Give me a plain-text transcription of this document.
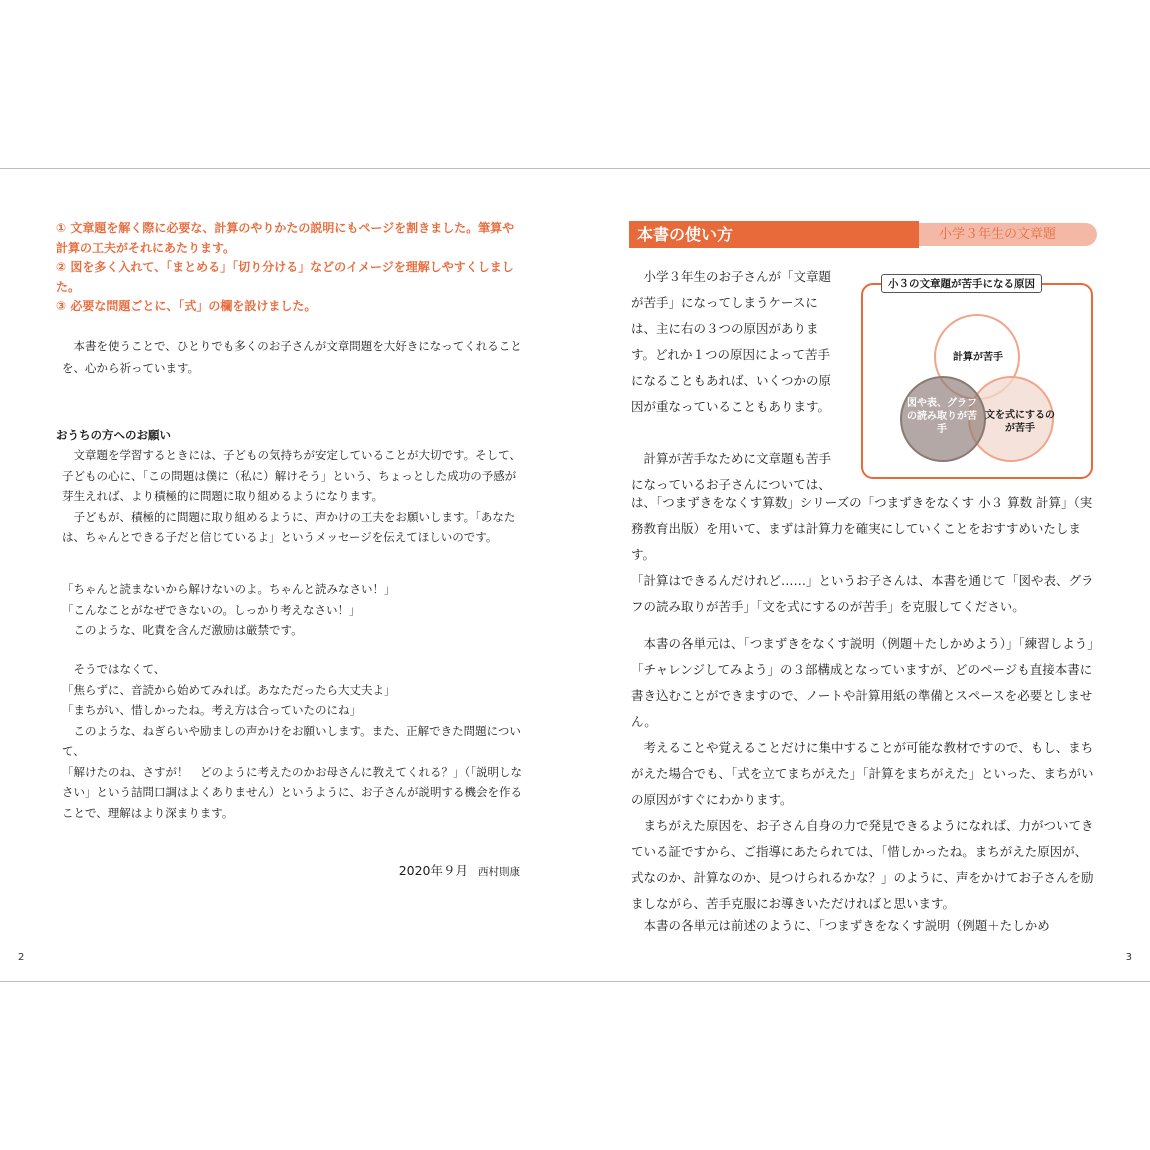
① 文章題を解く際に必要な、計算のやりかたの説明にもページを割きました。筆算や計算の工夫がそれにあたります。
② 図を多く入れて、「まとめる」「切り分ける」などのイメージを理解しやすくしました。
③ 必要な問題ごとに、「式」の欄を設けました。

本書を使うことで、ひとりでも多くのお子さんが文章問題を大好きになってくれることを、心から祈っています。

おうちの方へのお願い

文章題を学習するときには、子どもの気持ちが安定していることが大切です。そして、子どもの心に、「この問題は僕に（私に）解けそう」という、ちょっとした成功の予感が芽生えれば、より積極的に問題に取り組めるようになります。
子どもが、積極的に問題に取り組めるように、声かけの工夫をお願いします。「あなたは、ちゃんとできる子だと信じているよ」というメッセージを伝えてほしいのです。
「ちゃんと読まないから解けないのよ。ちゃんと読みなさい！」
「こんなことがなぜできないの。しっかり考えなさい！」
　このような、叱責を含んだ激励は厳禁です。
　そうではなくて、
「焦らずに、音読から始めてみれば。あなただったら大丈夫よ」
「まちがい、惜しかったね。考え方は合っていたのにね」
　このような、ねぎらいや励ましの声かけをお願いします。また、正解できた問題について、
「解けたのね、さすが！　どのように考えたのかお母さんに教えてくれる？」（「説明しなさい」という詰問口調はよくありません）というように、お子さんが説明する機会を作ることで、理解はより深まります。
2020年９月 西村則康
2
本書の使い方	小学３年生の文章題

　小学３年生のお子さんが「文章題が苦手」になってしまうケースには、主に右の３つの原因があります。どれか１つの原因によって苦手になることもあれば、いくつかの原因が重なっていることもあります。

　計算が苦手なために文章題も苦手になっているお子さんについては、

小３の文章題が苦手になる原因
計算が苦手
図や表、グラフの読み取りが苦手
文を式にするのが苦手

は、「つまずきをなくす算数」シリーズの「つまずきをなくす 小３ 算数 計算」（実務教育出版）を用いて、まずは計算力を確実にしていくことをおすすめいたします。

「計算はできるんだけれど……」というお子さんは、本書を通じて「図や表、グラフの読み取りが苦手」「文を式にするのが苦手」を克服してください。

　本書の各単元は、「つまずきをなくす説明（例題＋たしかめよう）」「練習しよう」「チャレンジしてみよう」の３部構成となっていますが、どのページも直接本書に書き込むことができますので、ノートや計算用紙の準備とスペースを必要としません。

　考えることや覚えることだけに集中することが可能な教材ですので、もし、まちがえた場合でも、「式を立てまちがえた」「計算をまちがえた」といった、まちがいの原因がすぐにわかります。

　まちがえた原因を、お子さん自身の力で発見できるようになれば、力がついてきている証ですから、ご指導にあたられては、「惜しかったね。まちがえた原因が、式なのか、計算なのか、見つけられるかな？」のように、声をかけてお子さんを励ましながら、苦手克服にお導きいただければと思います。

　本書の各単元は前述のように、「つまずきをなくす説明（例題＋たしかめ

3
